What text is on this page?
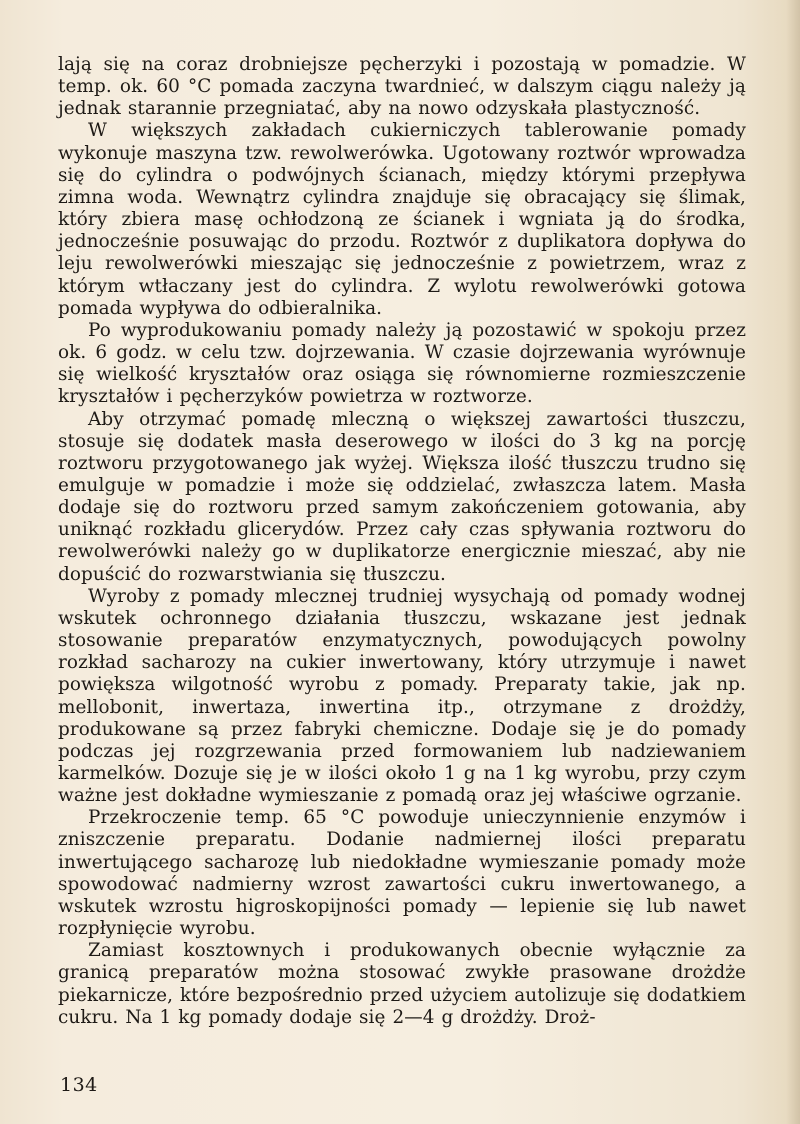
lają się na coraz drobniejsze pęcherzyki i pozostają w pomadzie. W temp. ok. 60 °C pomada zaczyna twardnieć, w dalszym ciągu należy ją jednak starannie przegniatać, aby na nowo odzyskała plastyczność.

W większych zakładach cukierniczych tablerowanie pomady wykonuje maszyna tzw. rewolwerówka. Ugotowany roztwór wprowadza się do cylindra o podwójnych ścianach, między którymi przepływa zimna woda. Wewnątrz cylindra znajduje się obracający się ślimak, który zbiera masę ochłodzoną ze ścianek i wgniata ją do środka, jednocześnie posuwając do przodu. Roztwór z duplikatora dopływa do leju rewolwerówki mieszając się jednocześnie z powietrzem, wraz z którym wtłaczany jest do cylindra. Z wylotu rewolwerówki gotowa pomada wypływa do odbieralnika.

Po wyprodukowaniu pomady należy ją pozostawić w spokoju przez ok. 6 godz. w celu tzw. dojrzewania. W czasie dojrzewania wyrównuje się wielkość kryształów oraz osiąga się równomierne rozmieszczenie kryształów i pęcherzyków powietrza w roztworze.

Aby otrzymać pomadę mleczną o większej zawartości tłuszczu, stosuje się dodatek masła deserowego w ilości do 3 kg na porcję roztworu przygotowanego jak wyżej. Większa ilość tłuszczu trudno się emulguje w pomadzie i może się oddzielać, zwłaszcza latem. Masła dodaje się do roztworu przed samym zakończeniem gotowania, aby uniknąć rozkładu glicerydów. Przez cały czas spływania roztworu do rewolwerówki należy go w duplikatorze energicznie mieszać, aby nie dopuścić do rozwarstwiania się tłuszczu.

Wyroby z pomady mlecznej trudniej wysychają od pomady wodnej wskutek ochronnego działania tłuszczu, wskazane jest jednak stosowanie preparatów enzymatycznych, powodujących powolny rozkład sacharozy na cukier inwertowany, który utrzymuje i nawet powiększa wilgotność wyrobu z pomady. Preparaty takie, jak np. mellobonit, inwertaza, inwertina itp., otrzymane z drożdży, produkowane są przez fabryki chemiczne. Dodaje się je do pomady podczas jej rozgrzewania przed formowaniem lub nadziewaniem karmelków. Dozuje się je w ilości około 1 g na 1 kg wyrobu, przy czym ważne jest dokładne wymieszanie z pomadą oraz jej właściwe ogrzanie.

Przekroczenie temp. 65 °C powoduje unieczynnienie enzymów i zniszczenie preparatu. Dodanie nadmiernej ilości preparatu inwertującego sacharozę lub niedokładne wymieszanie pomady może spowodować nadmierny wzrost zawartości cukru inwertowanego, a wskutek wzrostu higroskopijności pomady — lepienie się lub nawet rozpłynięcie wyrobu.

Zamiast kosztownych i produkowanych obecnie wyłącznie za granicą preparatów można stosować zwykłe prasowane drożdże piekarnicze, które bezpośrednio przed użyciem autolizuje się dodatkiem cukru. Na 1 kg pomady dodaje się 2—4 g drożdży. Droż-

134
